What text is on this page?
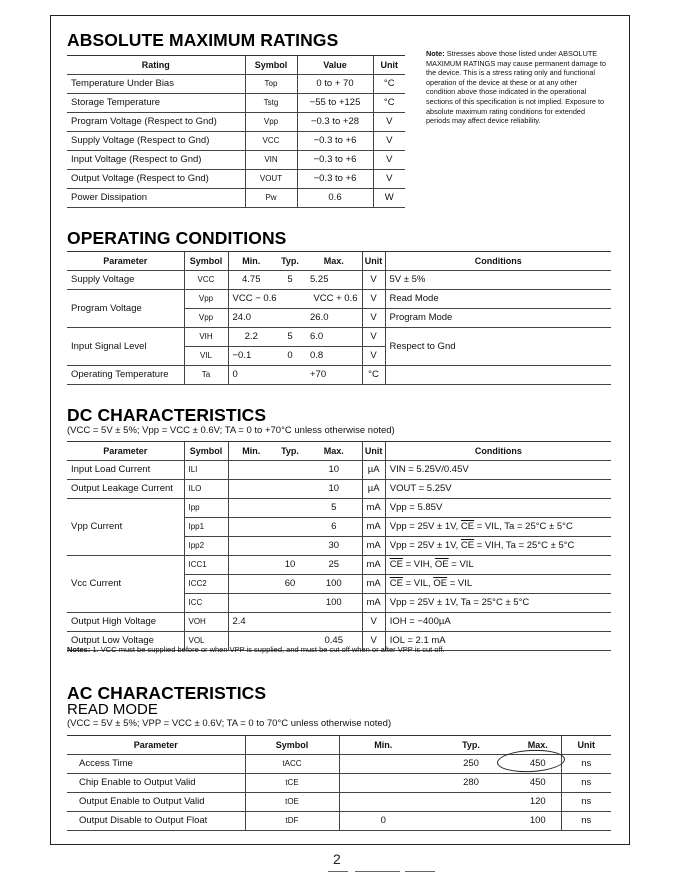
ABSOLUTE MAXIMUM RATINGS
Rating	Symbol	Value	Unit
Temperature Under Bias	Top	0 to + 70	°C
Storage Temperature	Tstg	−55 to +125	°C
Program Voltage (Respect to Gnd)	Vpp	−0.3 to +28	V
Supply Voltage (Respect to Gnd)	VCC	−0.3 to +6	V
Input Voltage (Respect to Gnd)	VIN	−0.3 to +6	V
Output Voltage (Respect to Gnd)	VOUT	−0.3 to +6	V
Power Dissipation	Pw	0.6	W
Note: Stresses above those listed under ABSOLUTE MAXIMUM RATINGS may cause permanent damage to the device. This is a stress rating only and functional operation of the device at these or at any other condition above those indicated in the operational sections of this specification is not implied. Exposure to absolute maximum rating conditions for extended periods may affect device reliability.
OPERATING CONDITIONS
Parameter	Symbol	Min.	Typ.	Max.	Unit	Conditions
Supply Voltage	VCC	4.75	5	5.25	V	5V ± 5%
Program Voltage	Vpp	VCC − 0.6		VCC + 0.6	V	Read Mode
	Vpp	24.0		26.0	V	Program Mode
Input Signal Level	VIH	2.2	5	6.0	V	Respect to Gnd
	VIL	−0.1	0	0.8	V	
Operating Temperature	Ta	0		+70	°C	
DC CHARACTERISTICS
(VCC = 5V ± 5%; Vpp = VCC ± 0.6V; TA = 0 to +70°C unless otherwise noted)
Parameter	Symbol	Min.	Typ.	Max.	Unit	Conditions
Input Load Current	ILI			10	µA	VIN = 5.25V/0.45V
Output Leakage Current	ILO			10	µA	VOUT = 5.25V
Vpp Current	Ipp			5	mA	Vpp = 5.85V
	Ipp1			6	mA	Vpp = 25V ± 1V, $\overline{CE}$ = VIL, Ta = 25°C ± 5°C
	Ipp2			30	mA	Vpp = 25V ± 1V, $\overline{CE}$ = VIH, Ta = 25°C ± 5°C
Vcc Current	ICC1		10	25	mA	$\overline{CE}$ = VIH, $\overline{OE}$ = VIL
	ICC2		60	100	mA	$\overline{CE}$ = VIL, $\overline{OE}$ = VIL
	ICC			100	mA	Vpp = 25V ± 1V, Ta = 25°C ± 5°C
Output High Voltage	VOH	2.4			V	IOH = −400µA
Output Low Voltage	VOL			0.45	V	IOL = 2.1 mA
Notes: 1. VCC must be supplied before or when VPP is supplied, and must be cut off when or after VPP is cut off.
AC CHARACTERISTICS
READ MODE
(VCC = 5V ± 5%; VPP = VCC ± 0.6V; TA = 0 to 70°C unless otherwise noted)
Parameter	Symbol	Min.	Typ.	Max.	Unit
Access Time	tACC		250	450	ns
Chip Enable to Output Valid	tCE		280	450	ns
Output Enable to Output Valid	tOE			120	ns
Output Disable to Output Float	tDF	0		100	ns
2
